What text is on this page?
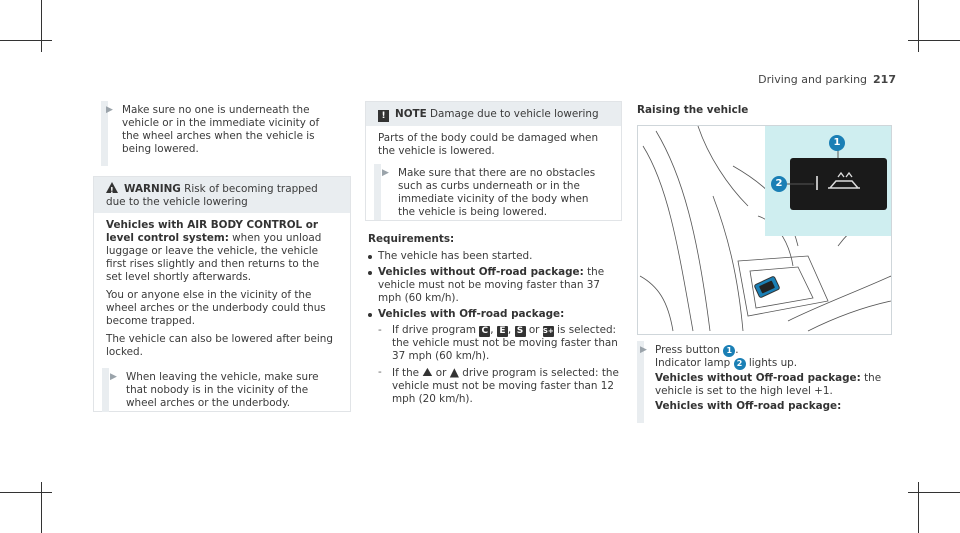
Driving and parking 217
▶ Make sure no one is underneath the vehicle or in the immediate vicinity of the wheel arches when the vehicle is being lowered.

!WARNING Risk of becoming trapped due to the vehicle lowering

Vehicles with AIR BODY CONTROL or level control system: when you unload luggage or leave the vehicle, the vehicle first rises slightly and then returns to the set level shortly afterwards.

You or anyone else in the vicinity of the wheel arches or the underbody could thus become trapped.

The vehicle can also be lowered after being locked.

▶ When leaving the vehicle, make sure that nobody is in the vicinity of the wheel arches or the underbody.

! NOTE Damage due to vehicle lowering

Parts of the body could be damaged when the vehicle is lowered.

▶ Make sure that there are no obstacles such as curbs underneath or in the immediate vicinity of the body when the vehicle is being lowered.

Requirements:

The vehicle has been started.

Vehicles without Off-road package: the vehicle must not be moving faster than 37 mph (60 km/h).

Vehicles with Off-road package:

- If drive program C , E , S or S+ is selected: the vehicle must not be moving faster than 37 mph (60 km/h).

- If the ⛰ or ▲ drive program is selected: the vehicle must not be moving faster than 12 mph (20 km/h).

Raising the vehicle
1
2
▶ Press button 1 .

Indicator lamp 2 lights up.

Vehicles without Off-road package: the vehicle is set to the high level +1.

Vehicles with Off-road package:
